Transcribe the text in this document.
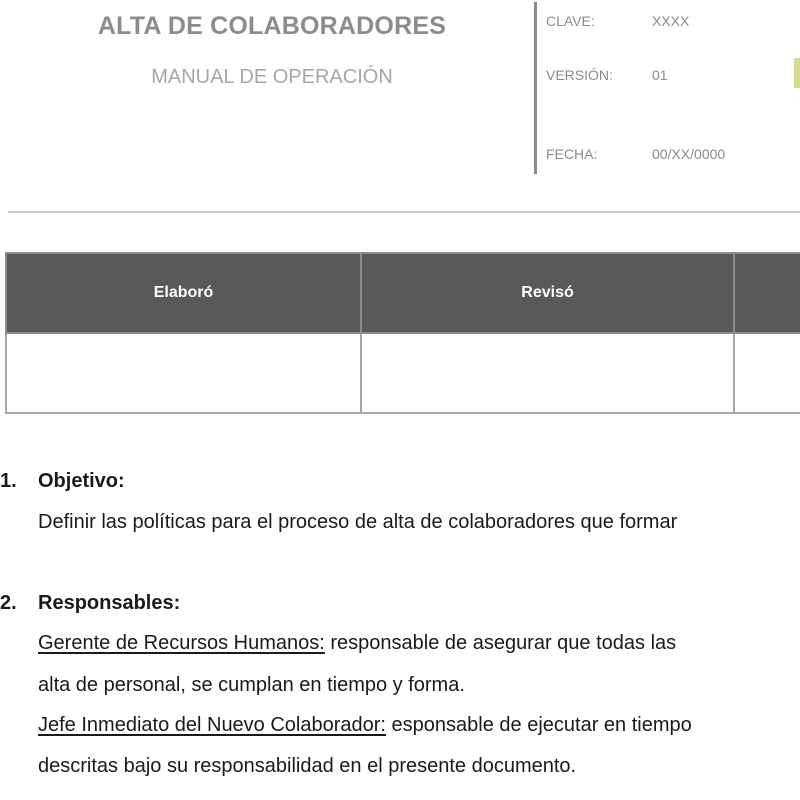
ALTA DE COLABORADORES
MANUAL DE OPERACIÓN
CLAVE:	XXXX
VERSIÓN:	01
FECHA:	00/XX/0000
Elaboró	Revisó	

1. Objetivo:
Definir las políticas para el proceso de alta de colaboradores que formar
2. Responsables:
Gerente de Recursos Humanos: responsable de asegurar que todas las
alta de personal, se cumplan en tiempo y forma.
Jefe Inmediato del Nuevo Colaborador: esponsable de ejecutar en tiempo
descritas bajo su responsabilidad en el presente documento.
